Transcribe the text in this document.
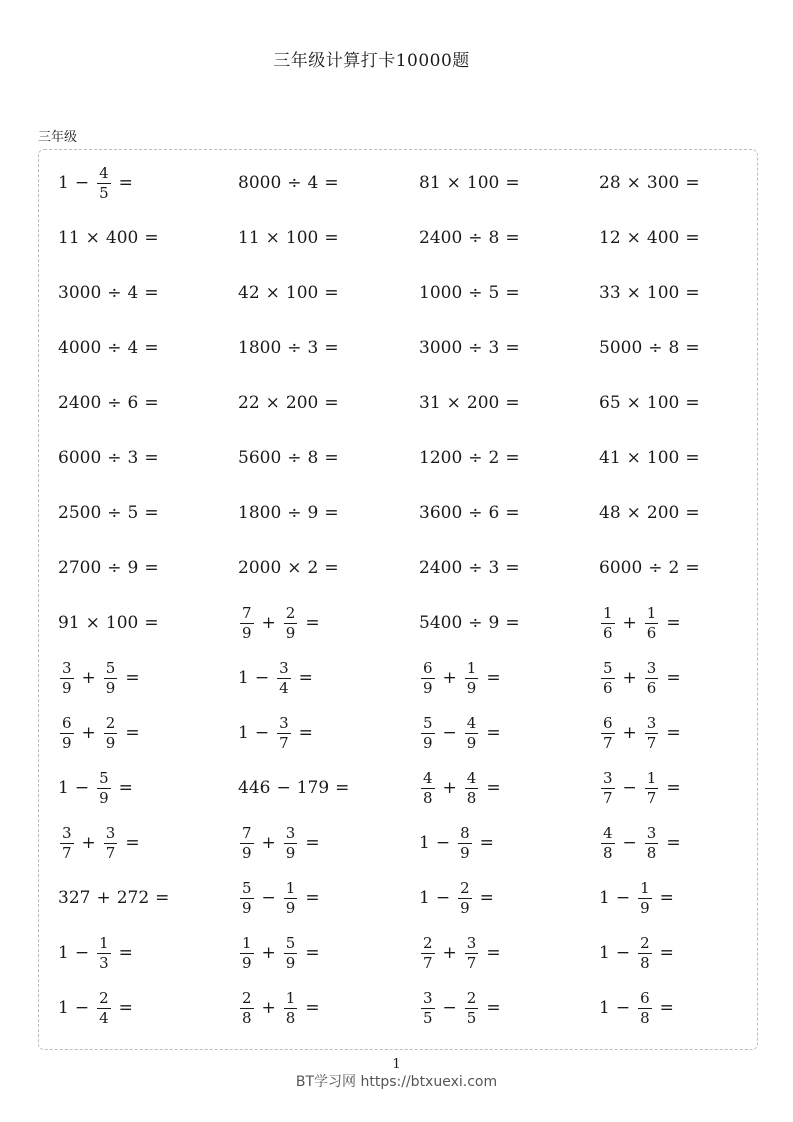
三年级计算打卡10000题
三年级
$1 - \frac{4}{5}$ =	8000 ÷ 4 =	81 × 100 =	28 × 300 =
11 × 400 =	11 × 100 =	2400 ÷ 8 =	12 × 400 =
3000 ÷ 4 =	42 × 100 =	1000 ÷ 5 =	33 × 100 =
4000 ÷ 4 =	1800 ÷ 3 =	3000 ÷ 3 =	5000 ÷ 8 =
2400 ÷ 6 =	22 × 200 =	31 × 200 =	65 × 100 =
6000 ÷ 3 =	5600 ÷ 8 =	1200 ÷ 2 =	41 × 100 =
2500 ÷ 5 =	1800 ÷ 9 =	3600 ÷ 6 =	48 × 200 =
2700 ÷ 9 =	2000 × 2 =	2400 ÷ 3 =	6000 ÷ 2 =
91 × 100 =	$\frac{7}{9} + \frac{2}{9}$ =	5400 ÷ 9 =	$\frac{1}{6} + \frac{1}{6}$ =
$\frac{3}{9} + \frac{5}{9}$ =	$1 - \frac{3}{4}$ =	$\frac{6}{9} + \frac{1}{9}$ =	$\frac{5}{6} + \frac{3}{6}$ =
$\frac{6}{9} + \frac{2}{9}$ =	$1 - \frac{3}{7}$ =	$\frac{5}{9} - \frac{4}{9}$ =	$\frac{6}{7} + \frac{3}{7}$ =
$1 - \frac{5}{9}$ =	446 − 179 =	$\frac{4}{8} + \frac{4}{8}$ =	$\frac{3}{7} - \frac{1}{7}$ =
$\frac{3}{7} + \frac{3}{7}$ =	$\frac{7}{9} + \frac{3}{9}$ =	$1 - \frac{8}{9}$ =	$\frac{4}{8} - \frac{3}{8}$ =
327 + 272 =	$\frac{5}{9} - \frac{1}{9}$ =	$1 - \frac{2}{9}$ =	$1 - \frac{1}{9}$ =
$1 - \frac{1}{3}$ =	$\frac{1}{9} + \frac{5}{9}$ =	$\frac{2}{7} + \frac{3}{7}$ =	$1 - \frac{2}{8}$ =
$1 - \frac{2}{4}$ =	$\frac{2}{8} + \frac{1}{8}$ =	$\frac{3}{5} - \frac{2}{5}$ =	$1 - \frac{6}{8}$ =
1
BT学习网 https://btxuexi.com
